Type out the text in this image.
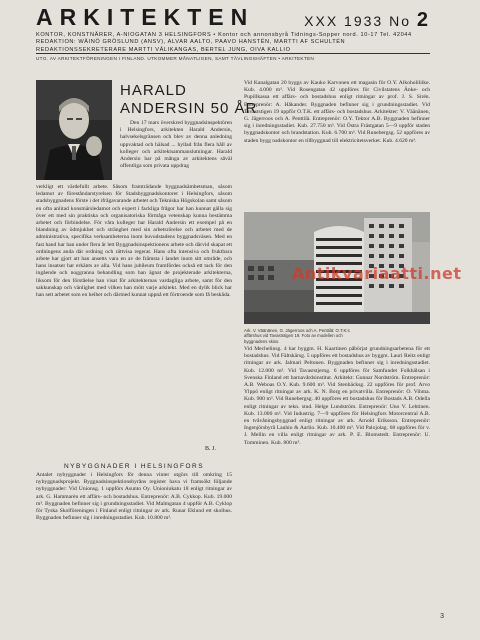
ARKITEKTEN	XXX 1933 No 2
KONTOR, KONSTNÄRER, A-NIOGATAN 3 HELSINGFORS • Kontor och annonsbyrå Tidnings-Sopper nord. 10-17 Tel. 42044
REDAKTION: WÄINÖ GRÖSLUND (ANSV), ALVAR AALTO, PAAVO HANSTÉN, MARTTI AF SCHULTÉN
REDAKTIONSSEKRETERARE MARTTI VÄLIKANGAS, BERTEL JUNG, OIVA KALLIO
UTG. AV ARKITEKTFÖRENINGEN I FINLAND. UTKOMMER MÅNATLIGEN, SAMT TÄVLINGSHÄFTEN • ARKITEKTEN
HARALD
ANDERSIN 50 ÅR
Den 17 mars överskred byggnadsinspektören i Helsingfors, arkitekten Harald Andersin, halvsekelsgränsen och blev av denna anledning uppvaktad och hälsad ... hyllad från flera håll av kolleger och arkitektsammanslutningar. Harald Andersin har på många av arkitektens såväl offentliga som privata uppdrag
verkligt ett värdefullt arbete. Såsom framträdande byggnadsämbetsman, såsom ledamot av föreståndarstyrelsen för Stadsbyggnadskontoret i Helsingfors, såsom stadsbyggnadens förste i det ifrågavarande arbetet och Tekniska Högskolan samt såsom en ofta anlitad konstnärsledamot och expert i fackliga frågor har han kunnat gälla sig över ett med sin praktiska och organisatoriska förmåga vetenskap kunna bestämma arbetet och förbindelse. För våra kolleger har Harald Andersin ett exempel på en blandning av ödmjukhet och stränghet med sin arbetsrörelse och arbetet med de administrativa, specifika verksamheterna inom huvudstadens byggnadsväsen. Med en fast hand har han under flera år lett Byggnadsinspektionens arbete och därvid skapat ett ordningens anda där ordning och rättvisa regerat. Hans ofta intensiva och fruktbara arbete har gjort att han ansetts vara en av de främsta i landet inom sitt område, och hans insatser har erkänts av alla. Vid hans jubileum framfördes också ett tack för den ingående och noggranna behandling som han ägnat de projekterade arkitekterna, liksom för den förståelse han visat för arkitekternas vardagliga arbete, samt för den sakkunskap och vänlighet med vilken han mött varje arkitekt. Med en dylik blick har han sett arbetet som en helhet och därmed kunnat uppnå ett förtroende som få beskåda.
B. J.
NYBYGGNADER I HELSINGFORS
Antalet nybyggnader i Helsingfors för denna vinter utgörs till omkring 15 nybyggnadsprojekt. Byggnadsinspektionsbyråns register hava vi framsökt följande nybyggnader: Vid Unionsg. 1 uppförs Asunto Oy. Unioninkatu 18 enligt ritningar av ark. G. Hammarén ett affärs- och bostadshus. Entreprenör: A.B. Cykkop. Kub. 19.000 m³. Byggnaden befinner sig i grundningsstadiet. Vid Malmgatan 4 uppför A.B. Cyklop för Tyska Skolföreningen i Finland enligt ritningar av ark. Runar Eklund ett skolhus. Byggnaden befinner sig i inredningsstadiet. Kub. 10.800 m³.
Vid Kanalgatan 20 byggs av Kauko Karvonen ett magasin för O.Y. Alkoholiliike. Kub. 4.000 m³. Vid Rosengatan 42 uppföres för Civilstatens Änke- och Pupillkassa ett affärs- och bostadshus enligt ritningar av prof. J. S. Sirén. Entreprenör: A. Håkander. Byggnaden befinner sig i grundningsstadiet. Vid Tavaststigen 19 uppför O.T.K. ett affärs- och bostadshus. Arkitekter: V. Väänänen, G. Jägerroos och A. Penttilä. Entreprenör: O.Y. Tektor A.B. Byggnaden befinner sig i inredningsstadiet. Kub. 27.750 m³. Vid Östra Frästgatan 5—9 uppför staden byggnadskontor och brandstation. Kub. 6.700 m³. Vid Runebergsg. 52 uppföres av staden bygg nadskontor en tillbyggnad till elektricitetsverket. Kub. 4.620 m³.
Ark. V. Väänänen, G. Jägerroos och A. Penttilä: O.T.K:s affärshus vid Tavaststigen 19. Foto av modellen och byggnadens skiss.
Vid Mechelinsg. 4 har byggm. H. Kaartinen påbörjat grundningsarbetena för ett bostadshus. Vid Fältskärsg. 5 uppföres ett bostadshus av byggm. Lauri Reitz enligt ritningar av ark. Jalmari Peltonen. Byggnaden befinner sig i inredningsstadiet. Kub. 12.000 m³. Vid Tavaststjerng. 6 uppföres för Samfundet Folkhälsan i Svenska Finland ett barnavårdsinstitut. Arkitekt: Gunnar Nordström. Entreprenör: A.B. Weboas O.Y. Kub. 9.600 m³. Vid Stenbäcksg. 22 uppföres för prof. Arvo Ylppö enligt ritningar av ark. K. N. Borg en privatvilla. Entreprenör: O. Vihma. Kub. 900 m³. Vid Runebergsg. 40 uppföres ett bostadshus för Bostads A.B. Odella enligt ritningar av tekn. stud. Helge Lundström. Entreprenör: Uno V. Lehtinen. Kub. 13.000 m³. Vid Industrig. 7—9 uppföres för Helsingfors Motorcentral A.B. en tvåvåningsbyggnad enligt ritningar av ark. Arnold Eriksson. Entreprenör: Ingenjörsbyrå Lauhio & Aarlio. Kub. 10.400 m³. Vid Palojolag. 68 uppföres för v. J. Mellin en villa enligt ritningar av ark. P. E. Blomstedt. Entreprenör: U. Tomminen. Kub. 800 m³.
3
Antikvariaatti.net
